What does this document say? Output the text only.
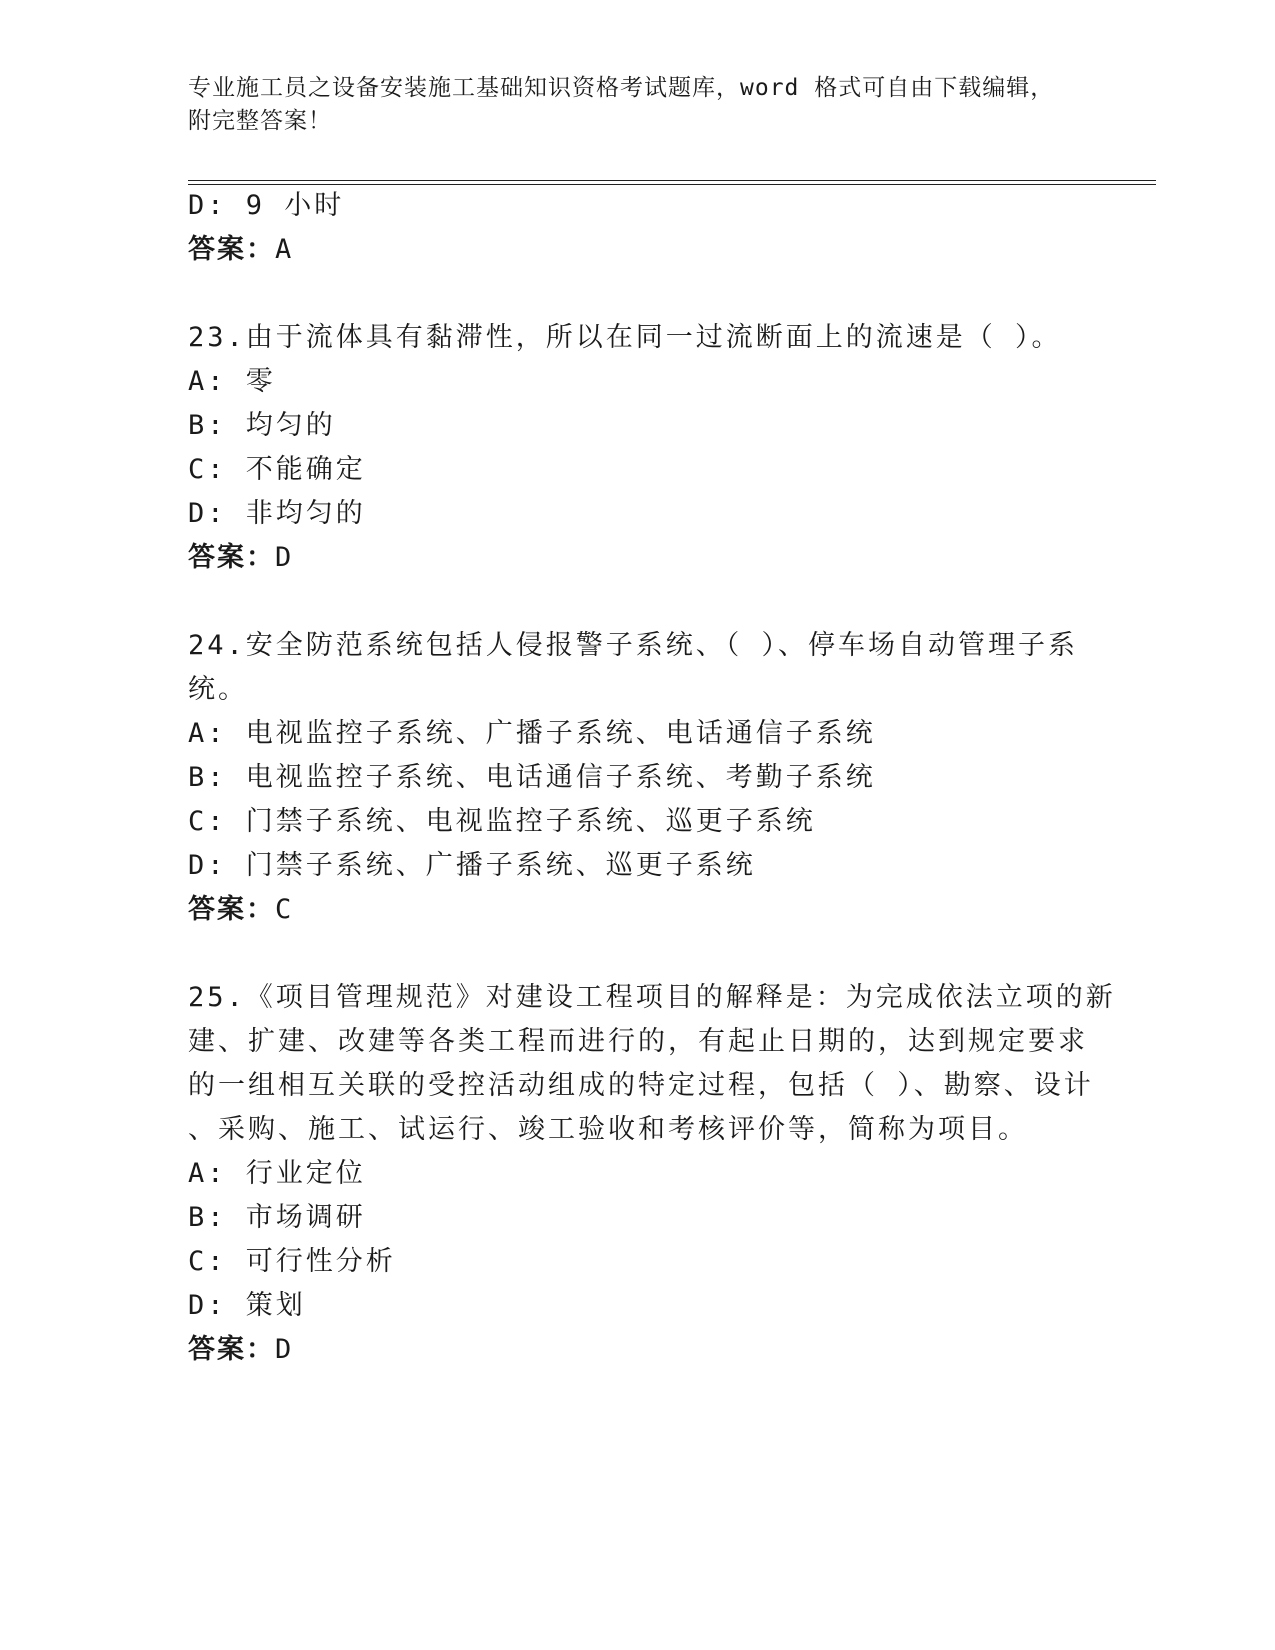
专业施工员之设备安装施工基础知识资格考试题库，word 格式可自由下载编辑，
附完整答案！
D: 9 小时
答案：A
23.由于流体具有黏滞性，所以在同一过流断面上的流速是（ ）。
A: 零
B: 均匀的
C: 不能确定
D: 非均匀的
答案：D
24.安全防范系统包括人侵报警子系统、（ ）、停车场自动管理子系
统。
A: 电视监控子系统、广播子系统、电话通信子系统
B: 电视监控子系统、电话通信子系统、考勤子系统
C: 门禁子系统、电视监控子系统、巡更子系统
D: 门禁子系统、广播子系统、巡更子系统
答案：C
25.《项目管理规范》对建设工程项目的解释是：为完成依法立项的新
建、扩建、改建等各类工程而进行的，有起止日期的，达到规定要求
的一组相互关联的受控活动组成的特定过程，包括（ ）、勘察、设计
、采购、施工、试运行、竣工验收和考核评价等，简称为项目。
A: 行业定位
B: 市场调研
C: 可行性分析
D: 策划
答案：D
